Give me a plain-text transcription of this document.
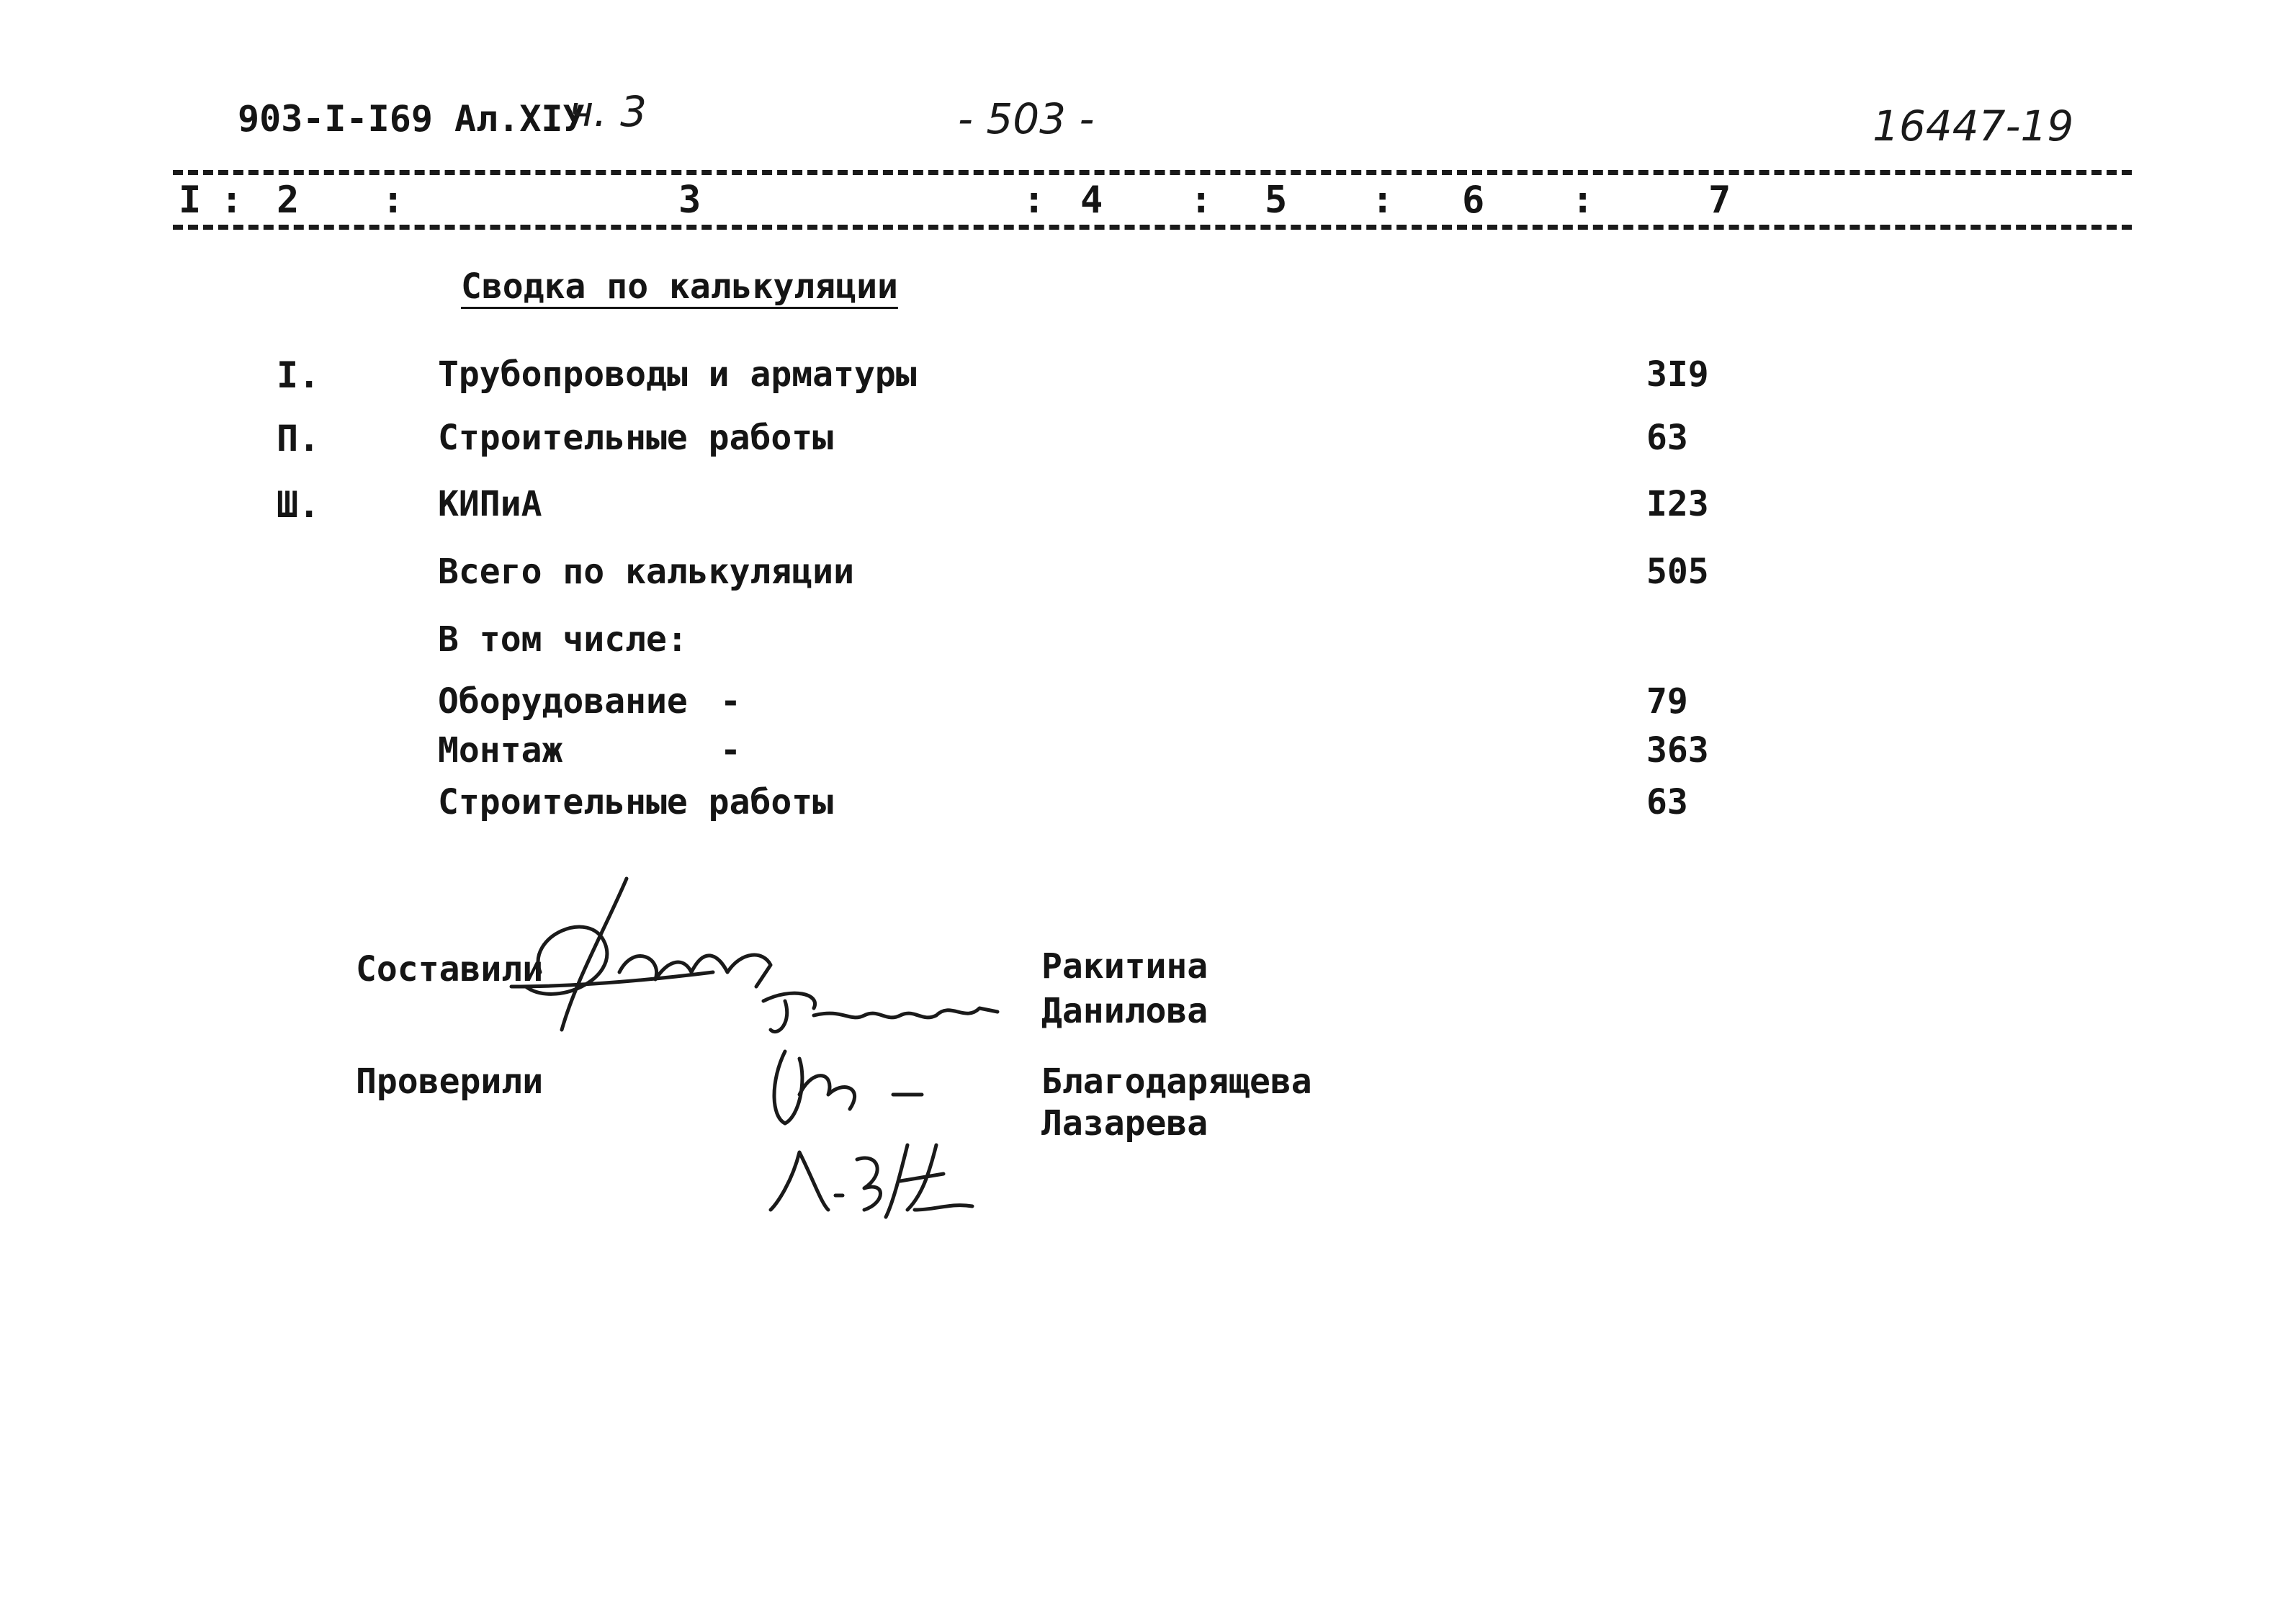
903-I-I69 Ал.XIУ
ч. 3	- 503 -	16447-19
I : 2 :	3	: 4 : 5 : 6 :	7
Сводка по калькуляции
I.	Трубопроводы и арматуры	3I9
П.	Строительные работы	63
Ш.	КИПиА	I23
Всего по калькуляции	505
В том числе:
Оборудование -	79
Монтаж	-	363
Строительные работы	63
Составили	Ракитина
Данилова
Проверили	Благодарящева
Лазарева
